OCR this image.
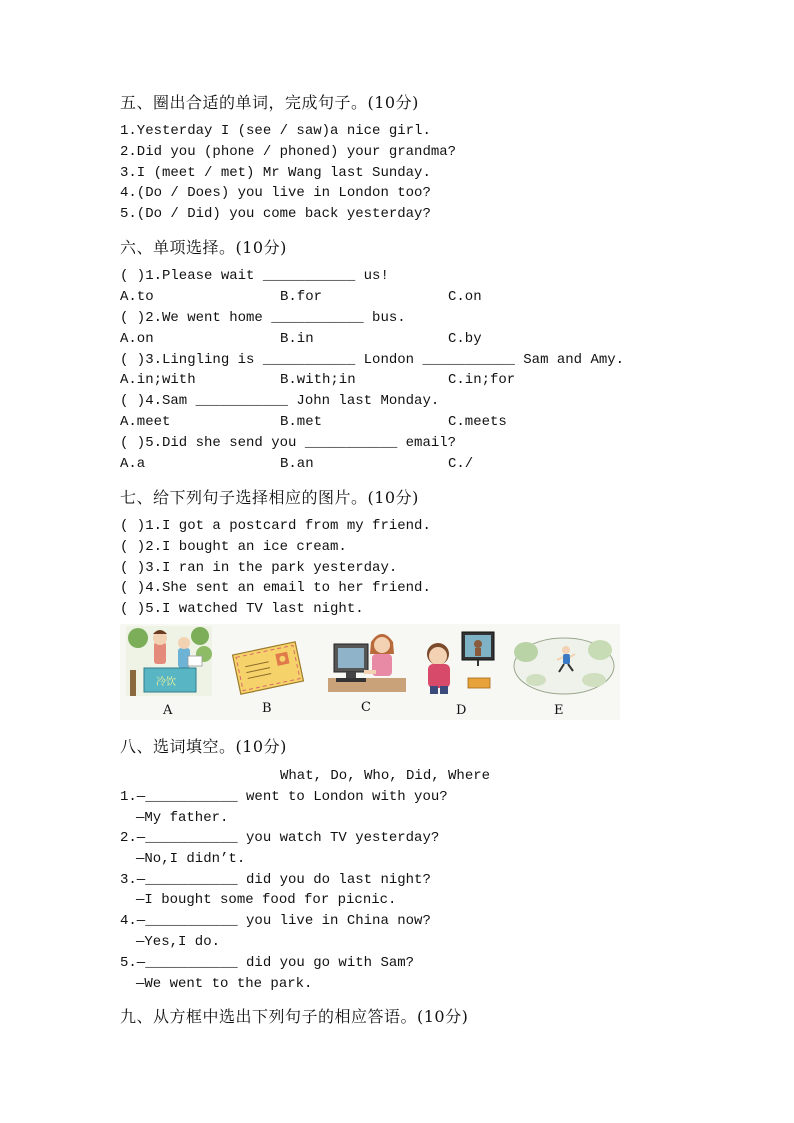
五、圈出合适的单词，完成句子。(10分)
1.Yesterday I (see / saw)a nice girl.
2.Did you (phone / phoned) your grandma?
3.I (meet / met) Mr Wang last Sunday.
4.(Do / Does) you live in London too?
5.(Do / Did) you come back yesterday?
六、单项选择。(10分)
( )1.Please wait ___________ us!
A.to	B.for	C.on
( )2.We went home ___________ bus.
A.on	B.in	C.by
( )3.Lingling is ___________ London ___________ Sam and Amy.
A.in;with	B.with;in	C.in;for
( )4.Sam ___________ John last Monday.
A.meet	B.met	C.meets
( )5.Did she send you ___________ email?
A.a	B.an	C./
七、给下列句子选择相应的图片。(10分)
( )1.I got a postcard from my friend.
( )2.I bought an ice cream.
( )3.I ran in the park yesterday.
( )4.She sent an email to her friend.
( )5.I watched TV last night.
冷饮
A	B	C	D	E
八、选词填空。(10分)
What, Do, Who, Did, Where
1.—___________ went to London with you?
—My father.
2.—___________ you watch TV yesterday?
—No,I didn’t.
3.—___________ did you do last night?
—I bought some food for picnic.
4.—___________ you live in China now?
—Yes,I do.
5.—___________ did you go with Sam?
—We went to the park.
九、从方框中选出下列句子的相应答语。(10分)
